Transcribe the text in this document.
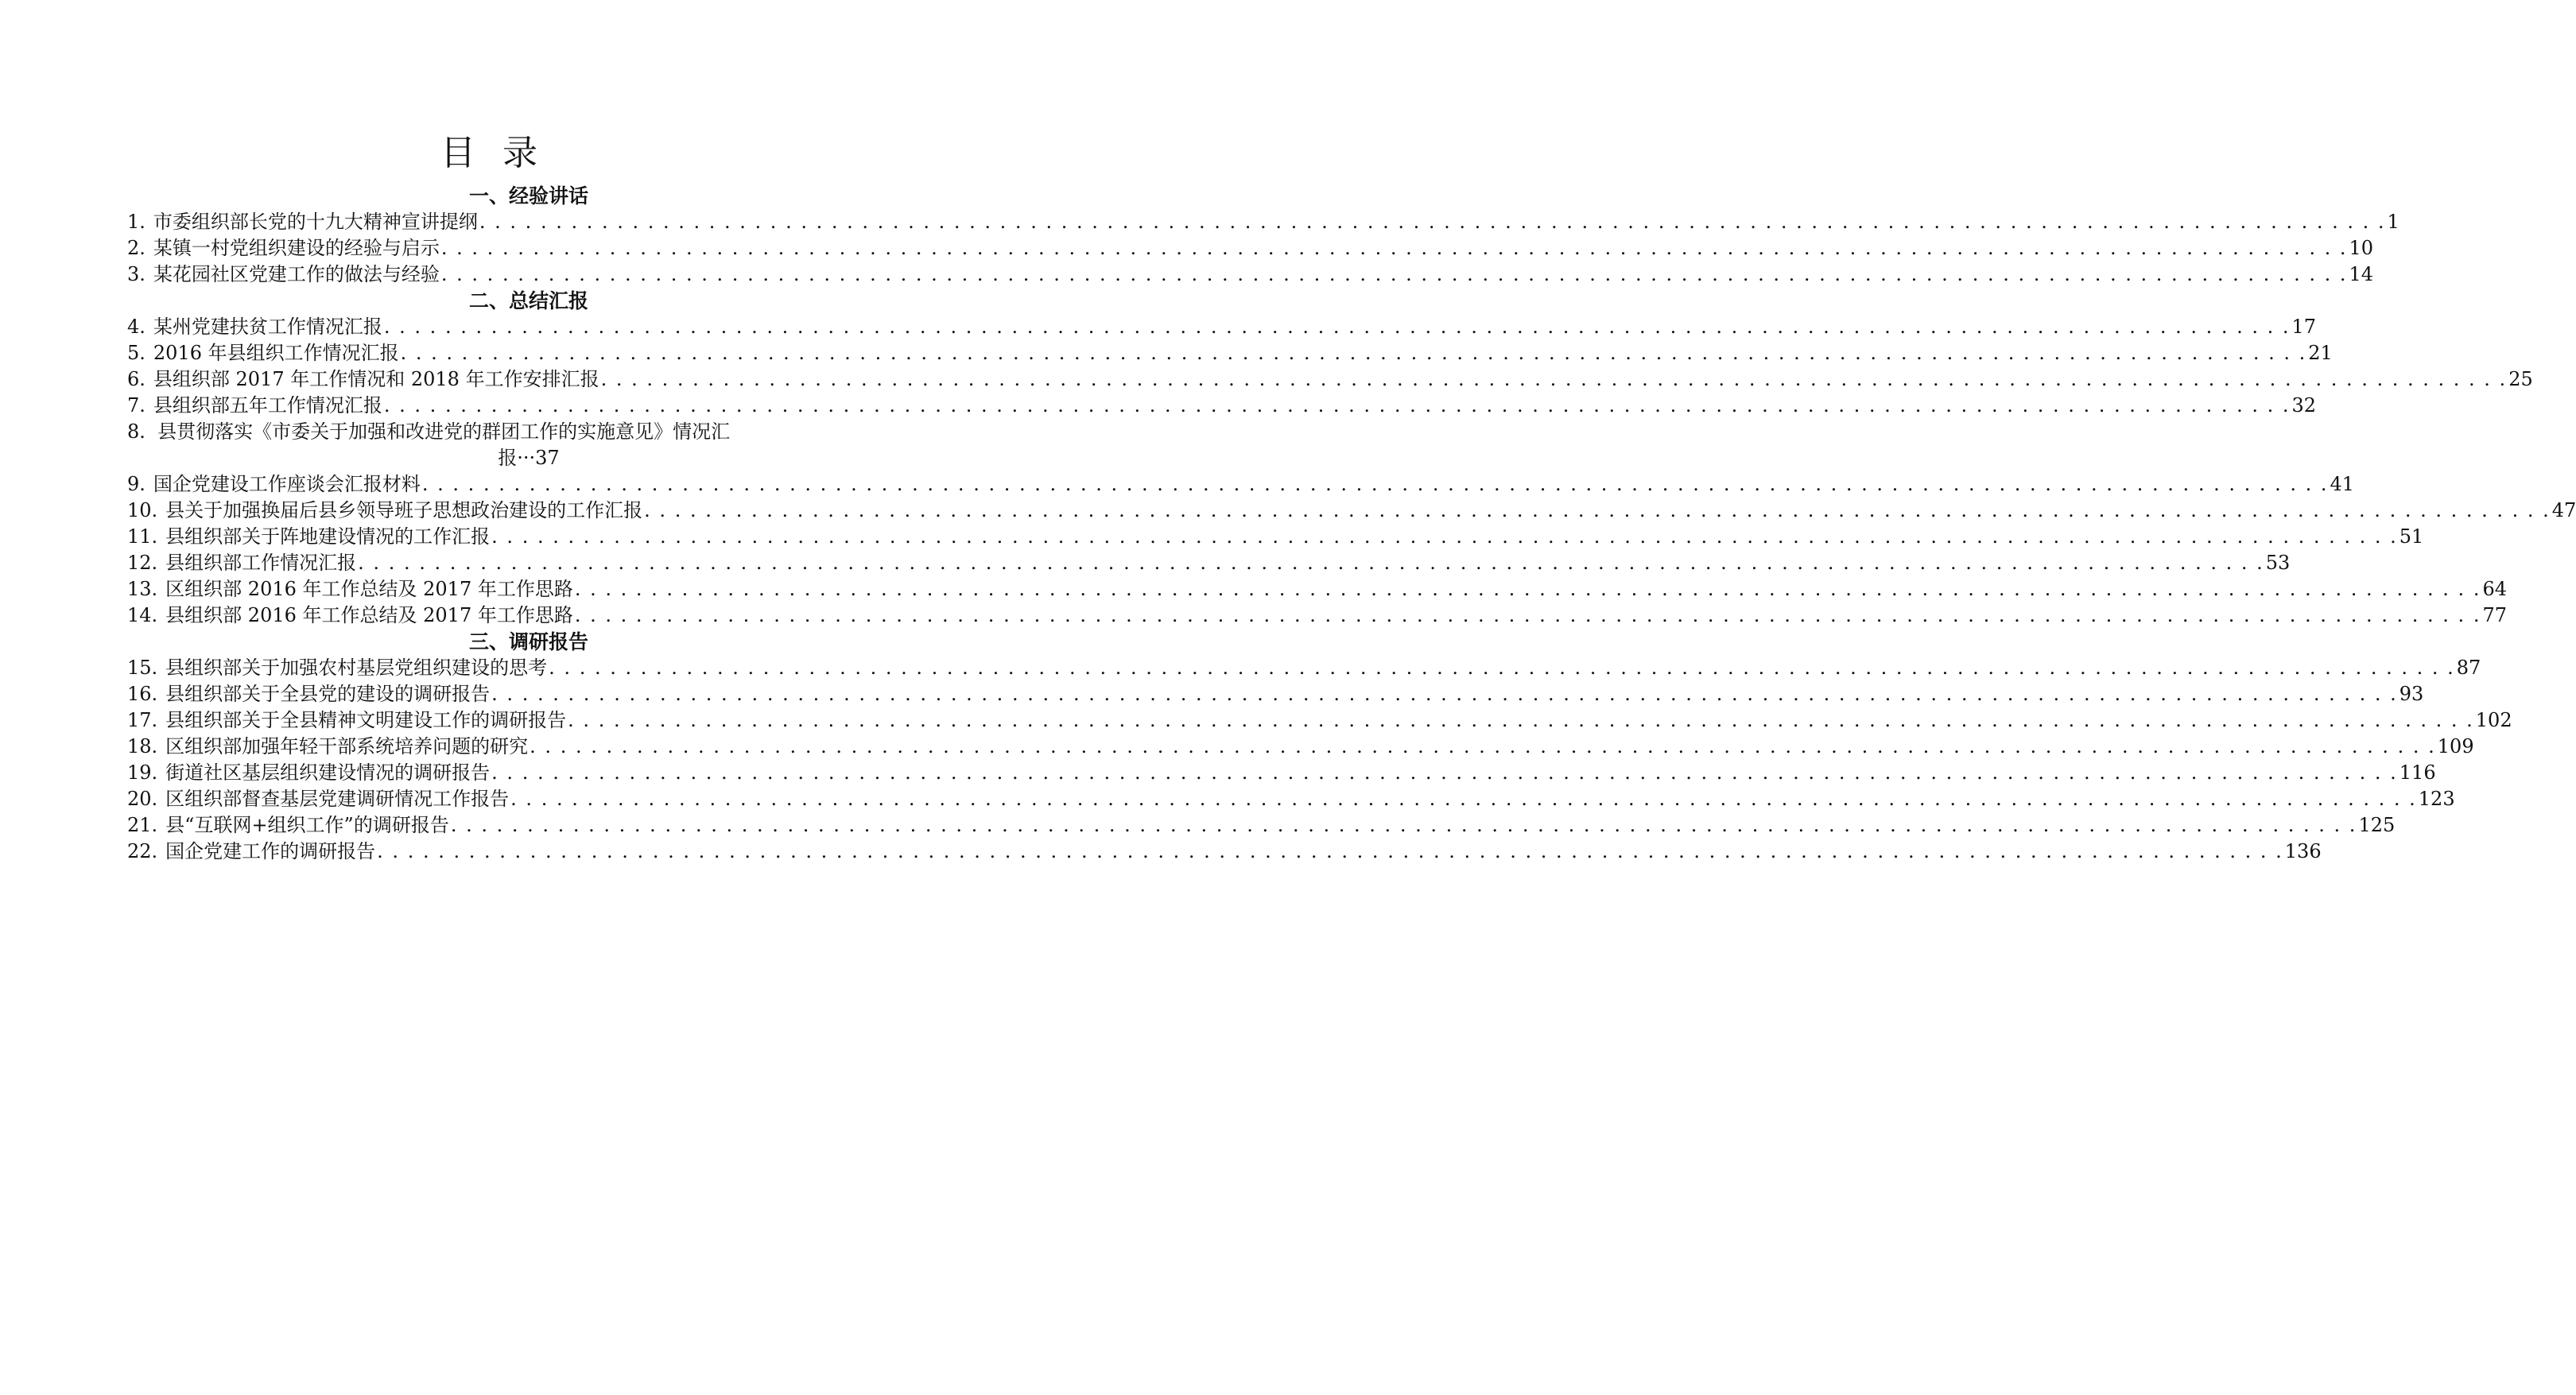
目 录
一、经验讲话
1. 市委组织部长党的十九大精神宣讲提纲 . . .	1
2. 某镇一村党组织建设的经验与启示 . . .	10
3. 某花园社区党建工作的做法与经验 . . .	14
二、总结汇报
4. 某州党建扶贫工作情况汇报 . . .	17
5. 2016 年县组织工作情况汇报 . . .	21
6. 县组织部 2017 年工作情况和 2018 年工作安排汇报 . . .	25
7. 县组织部五年工作情况汇报 . . .	32
8. 县贯彻落实《市委关于加强和改进党的群团工作的实施意见》情况汇
报···37
9. 国企党建设工作座谈会汇报材料 . . .	41
10. 县关于加强换届后县乡领导班子思想政治建设的工作汇报 . . .	47
11. 县组织部关于阵地建设情况的工作汇报 . . .	51
12. 县组织部工作情况汇报 . . .	53
13. 区组织部 2016 年工作总结及 2017 年工作思路 . . .	64
14. 县组织部 2016 年工作总结及 2017 年工作思路 . . .	77
三、调研报告
15. 县组织部关于加强农村基层党组织建设的思考 . . .	87
16. 县组织部关于全县党的建设的调研报告 . . .	93
17. 县组织部关于全县精神文明建设工作的调研报告 . . .	102
18. 区组织部加强年轻干部系统培养问题的研究 . . .	109
19. 街道社区基层组织建设情况的调研报告 . . .	116
20. 区组织部督查基层党建调研情况工作报告 . . .	123
21. 县“互联网+组织工作”的调研报告 . . .	125
22. 国企党建工作的调研报告 . . .	136
